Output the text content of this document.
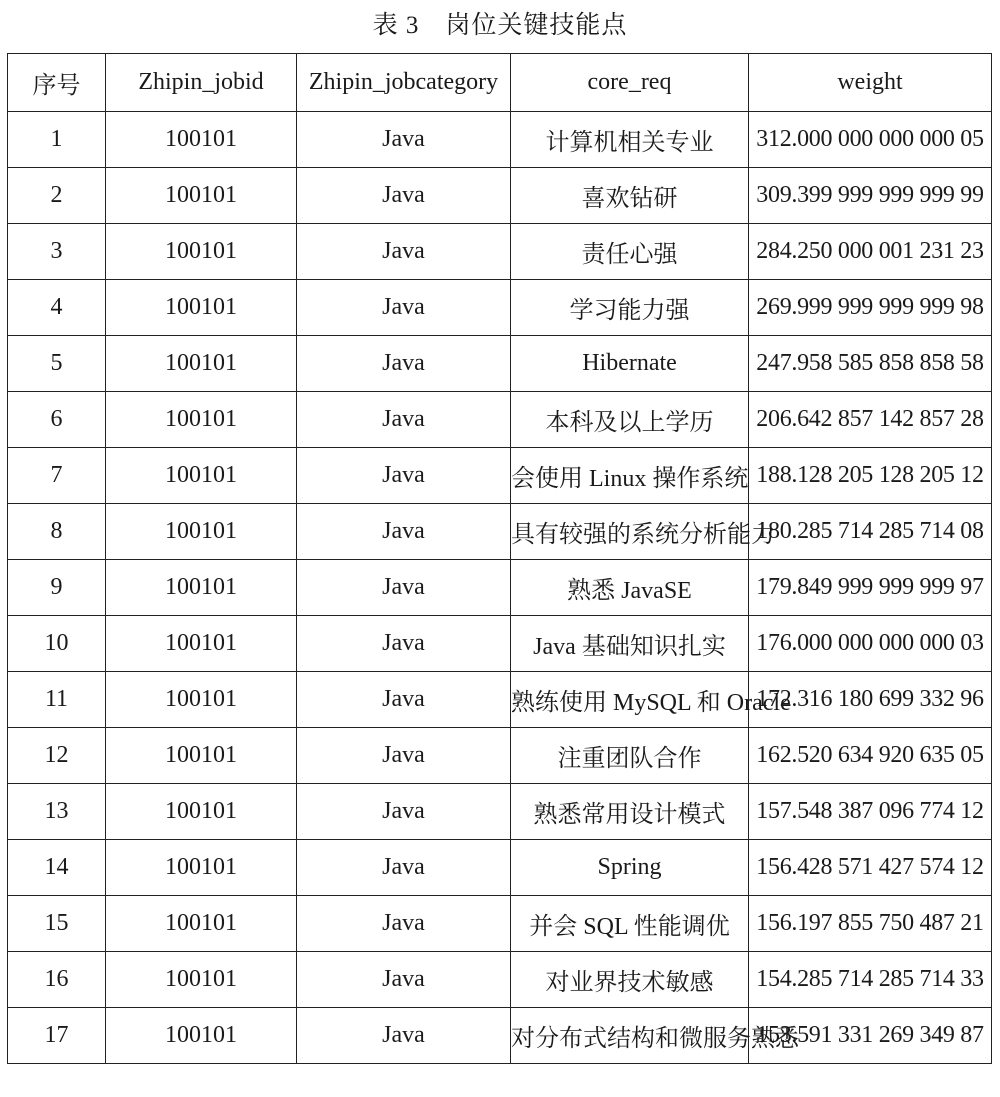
表 3　岗位关键技能点
序号	Zhipin_jobid	Zhipin_jobcategory	core_req	weight
1	100101	Java	计算机相关专业	312.000 000 000 000 05
2	100101	Java	喜欢钻研	309.399 999 999 999 99
3	100101	Java	责任心强	284.250 000 001 231 23
4	100101	Java	学习能力强	269.999 999 999 999 98
5	100101	Java	Hibernate	247.958 585 858 858 58
6	100101	Java	本科及以上学历	206.642 857 142 857 28
7	100101	Java	会使用 Linux 操作系统	188.128 205 128 205 12
8	100101	Java	具有较强的系统分析能力	180.285 714 285 714 08
9	100101	Java	熟悉 JavaSE	179.849 999 999 999 97
10	100101	Java	Java 基础知识扎实	176.000 000 000 000 03
11	100101	Java	熟练使用 MySQL 和 Oracle	172.316 180 699 332 96
12	100101	Java	注重团队合作	162.520 634 920 635 05
13	100101	Java	熟悉常用设计模式	157.548 387 096 774 12
14	100101	Java	Spring	156.428 571 427 574 12
15	100101	Java	并会 SQL 性能调优	156.197 855 750 487 21
16	100101	Java	对业界技术敏感	154.285 714 285 714 33
17	100101	Java	对分布式结构和微服务熟悉	153.591 331 269 349 87
